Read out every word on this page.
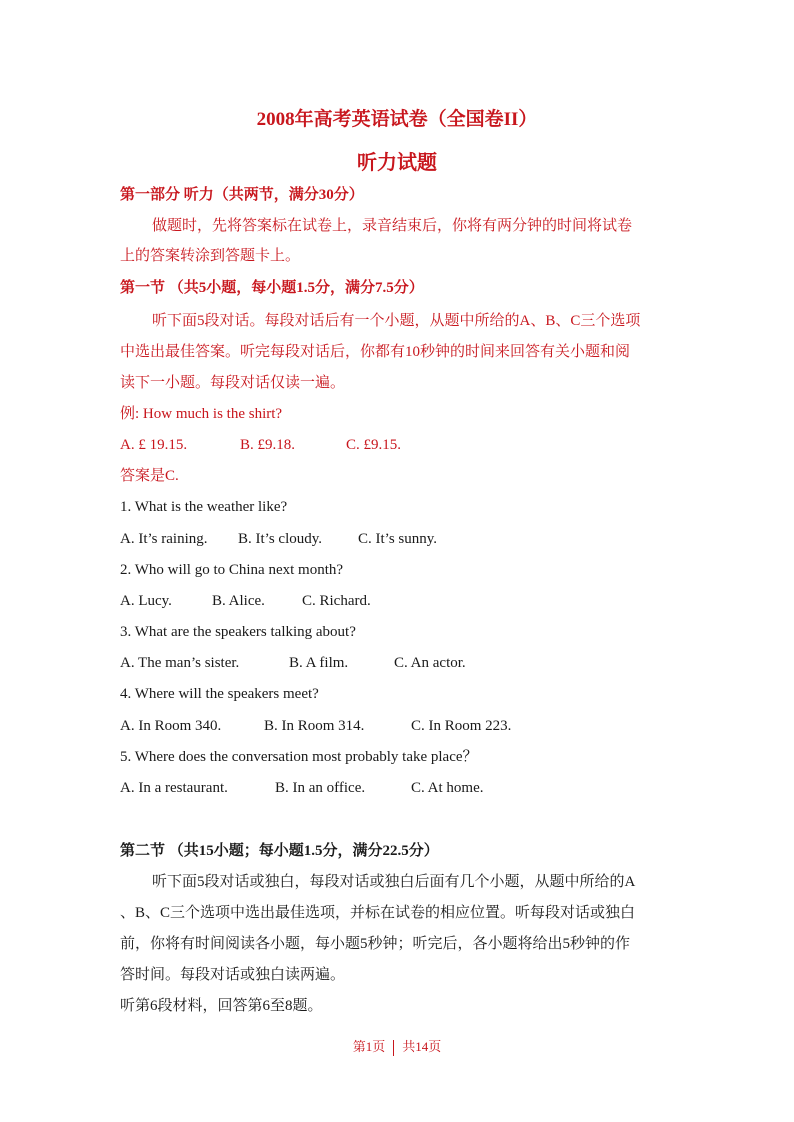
2008年高考英语试卷（全国卷II）
听力试题
第一部分 听力（共两节，满分30分）
做题时，先将答案标在试卷上，录音结束后，你将有两分钟的时间将试卷
上的答案转涂到答题卡上。
第一节 （共5小题，每小题1.5分，满分7.5分）
听下面5段对话。每段对话后有一个小题，从题中所给的A、B、C三个选项
中选出最佳答案。听完每段对话后，你都有10秒钟的时间来回答有关小题和阅
读下一小题。每段对话仅读一遍。
例: How much is the shirt?
A. £ 19.15.	B. £9.18.	C. £9.15.
答案是C.
1. What is the weather like?
A. It’s raining. B. It’s cloudy. C. It’s sunny.
2. Who will go to China next month?
A. Lucy.	B. Alice. C. Richard.
3. What are the speakers talking about?
A. The man’s sister.	B. A film.	C. An actor.
4. Where will the speakers meet?
A. In Room 340.	B. In Room 314.	C. In Room 223.
5. Where does the conversation most probably take place？
A. In a restaurant.	B. In an office.	C. At home.
第二节 （共15小题；每小题1.5分，满分22.5分）
听下面5段对话或独白，每段对话或独白后面有几个小题，从题中所给的A
、B、C三个选项中选出最佳选项，并标在试卷的相应位置。听每段对话或独白
前，你将有时间阅读各小题，每小题5秒钟；听完后，各小题将给出5秒钟的作
答时间。每段对话或独白读两遍。
听第6段材料，回答第6至8题。
第1页 共14页
